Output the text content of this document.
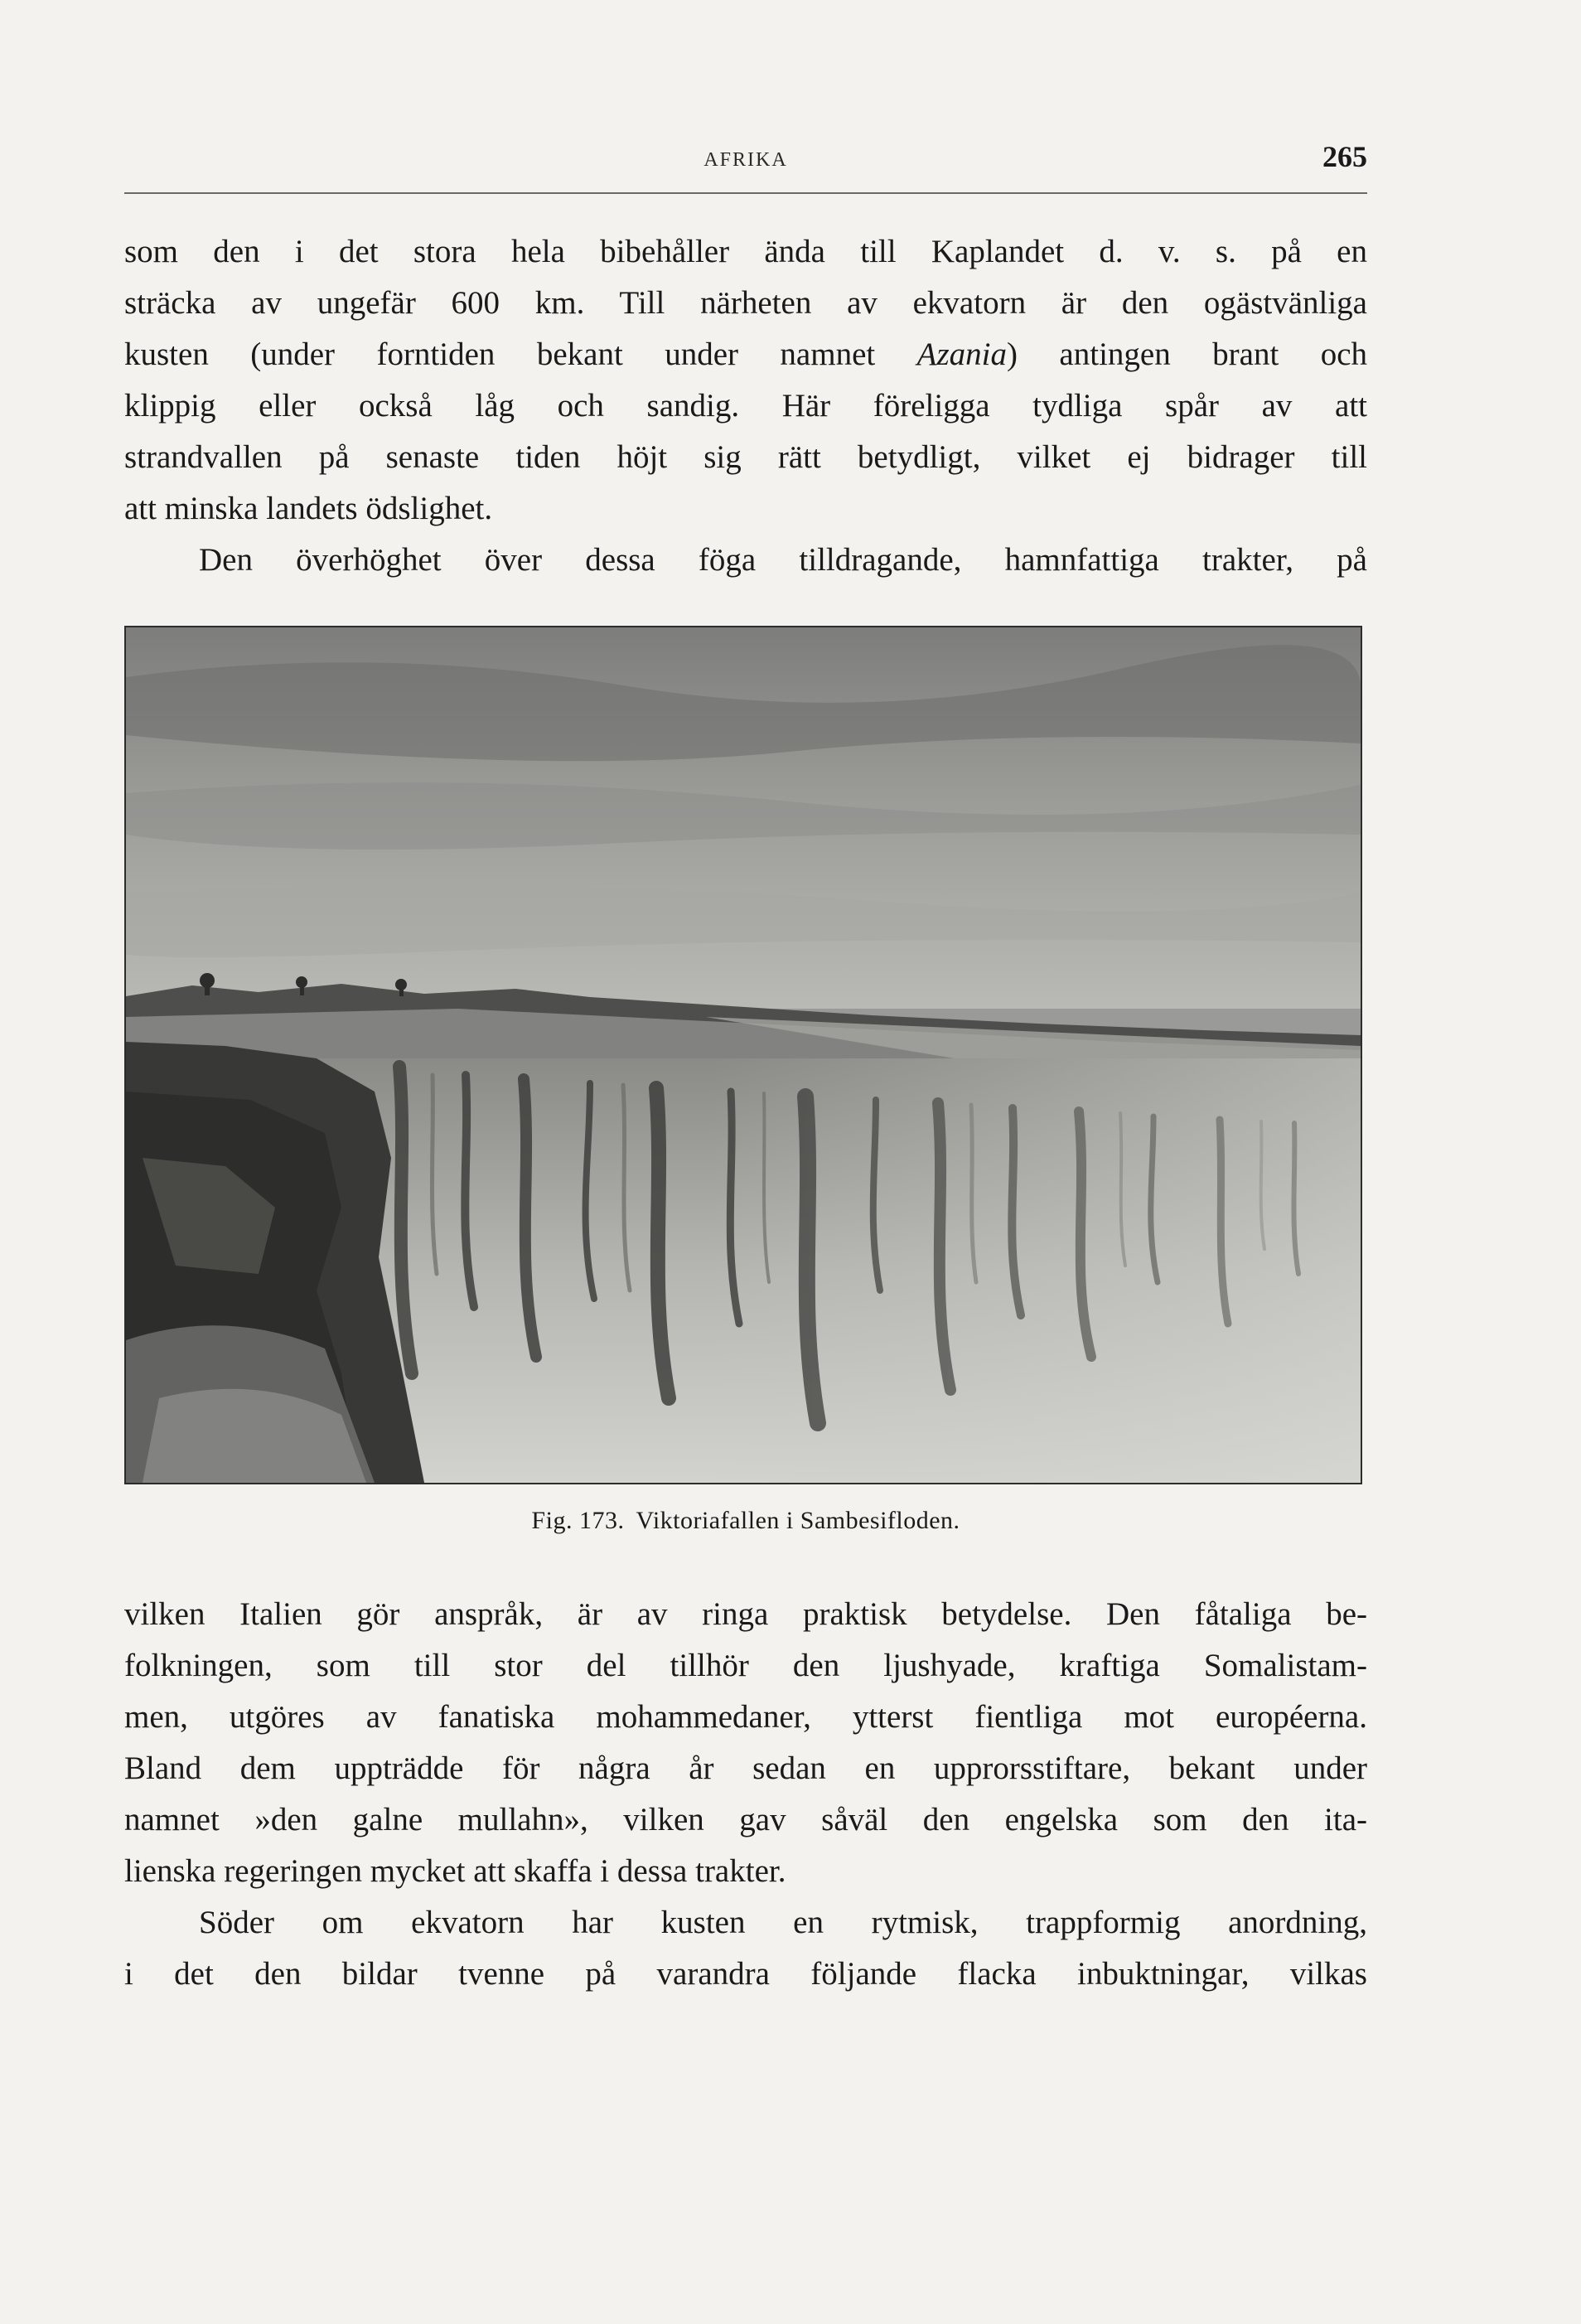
AFRIKA	265
som den i det stora hela bibehåller ända till Kaplandet d. v. s. på en
sträcka av ungefär 600 km. Till närheten av ekvatorn är den ogästvänliga
kusten (under forntiden bekant under namnet Azania) antingen brant och
klippig eller också låg och sandig. Här föreligga tydliga spår av att
strandvallen på senaste tiden höjt sig rätt betydligt, vilket ej bidrager till
att minska landets ödslighet.
Den överhöghet över dessa föga tilldragande, hamnfattiga trakter, på
Fig. 173. Viktoriafallen i Sambesifloden.
vilken Italien gör anspråk, är av ringa praktisk betydelse. Den fåtaliga be-
folkningen, som till stor del tillhör den ljushyade, kraftiga Somalistam-
men, utgöres av fanatiska mohammedaner, ytterst fientliga mot européerna.
Bland dem uppträdde för några år sedan en upprorsstiftare, bekant under
namnet »den galne mullahn», vilken gav såväl den engelska som den ita-
lienska regeringen mycket att skaffa i dessa trakter.
Söder om ekvatorn har kusten en rytmisk, trappformig anordning,
i det den bildar tvenne på varandra följande flacka inbuktningar, vilkas
